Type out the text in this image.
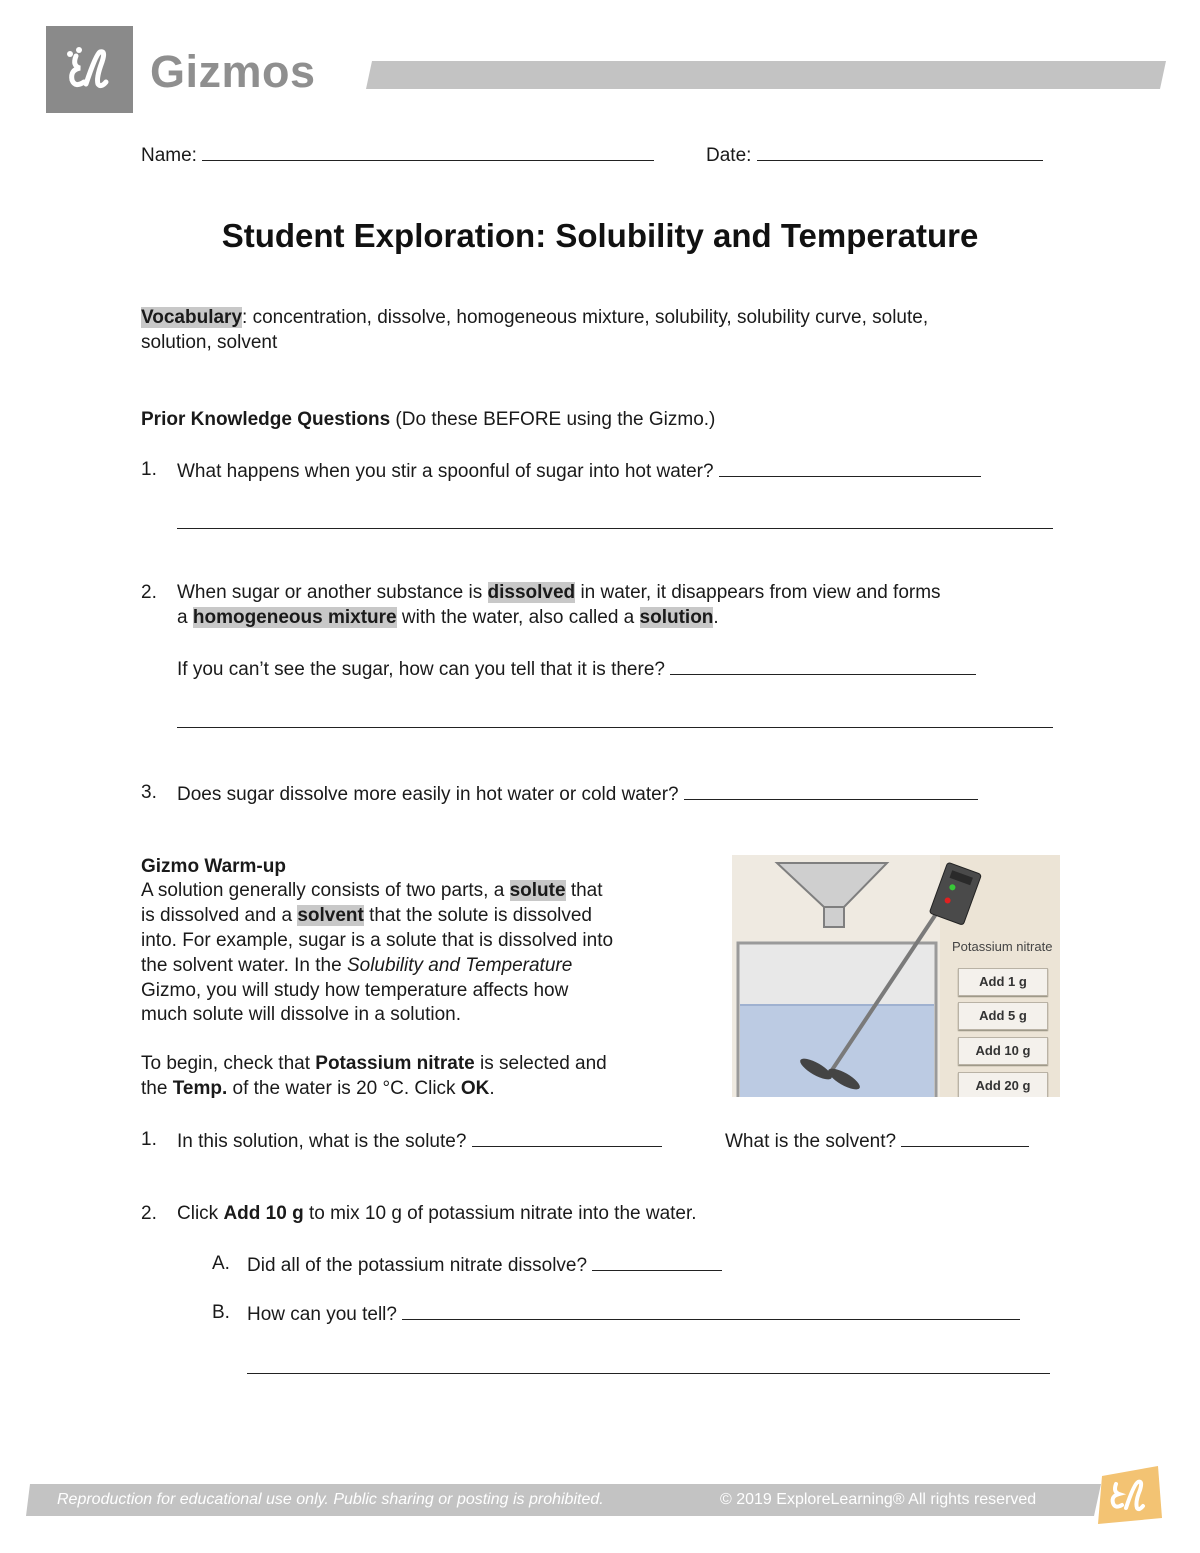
Gizmos
Name:	Date:
Student Exploration: Solubility and Temperature
Vocabulary: concentration, dissolve, homogeneous mixture, solubility, solubility curve, solute,
solution, solvent
Prior Knowledge Questions (Do these BEFORE using the Gizmo.)
1. What happens when you stir a spoonful of sugar into hot water?
2. When sugar or another substance is dissolved in water, it disappears from view and forms
a homogeneous mixture with the water, also called a solution.
If you can’t see the sugar, how can you tell that it is there?
3. Does sugar dissolve more easily in hot water or cold water?
Gizmo Warm-up
A solution generally consists of two parts, a solute that
is dissolved and a solvent that the solute is dissolved
into. For example, sugar is a solute that is dissolved into
the solvent water. In the Solubility and Temperature
Gizmo, you will study how temperature affects how
much solute will dissolve in a solution.
To begin, check that Potassium nitrate is selected and
the Temp. of the water is 20 °C. Click OK.
Potassium nitrate
Add 1 g
Add 5 g
Add 10 g
Add 20 g
1. In this solution, what is the solute?	What is the solvent?
2. Click Add 10 g to mix 10 g of potassium nitrate into the water.
A. Did all of the potassium nitrate dissolve?
B. How can you tell?
Reproduction for educational use only. Public sharing or posting is prohibited.	© 2019 ExploreLearning® All rights reserved
